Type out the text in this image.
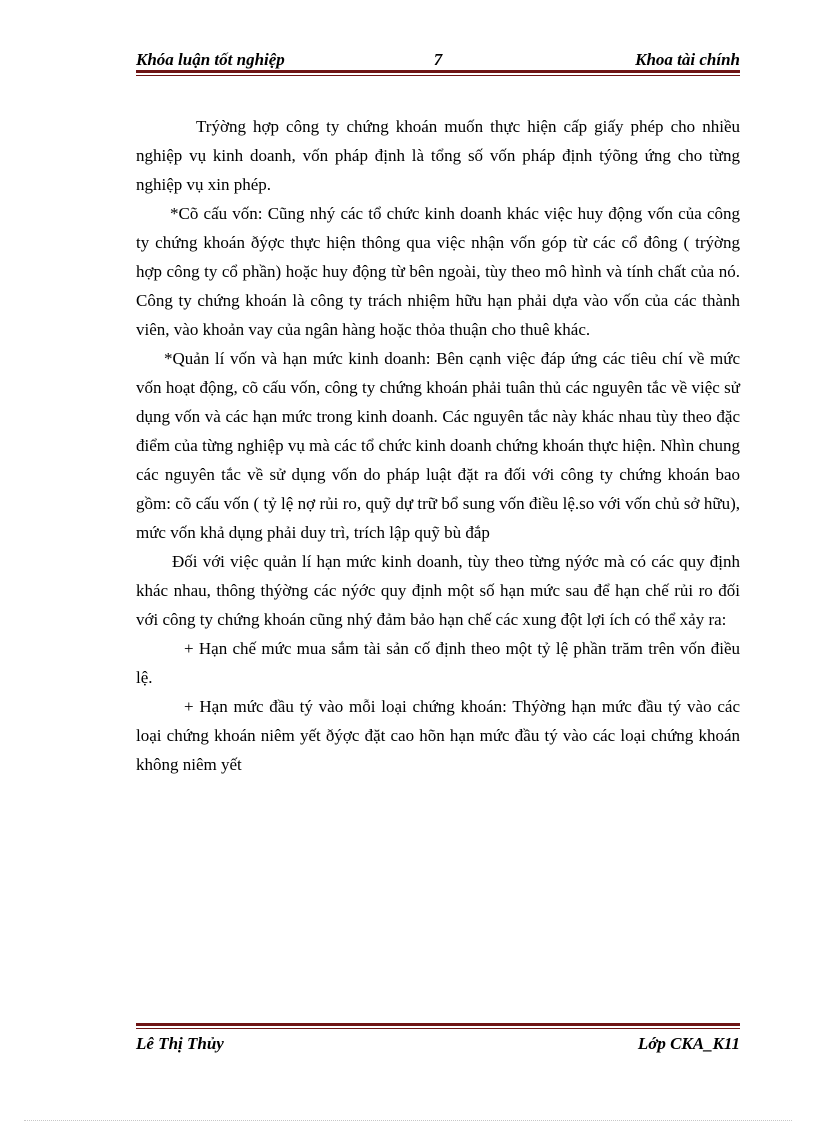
Khóa luận tốt nghiệp	7	Khoa tài chính

Trýờng hợp công ty chứng khoán muốn thực hiện cấp giấy phép cho nhiều nghiệp vụ kinh doanh, vốn pháp định là tổng số vốn pháp định týõng ứng cho từng nghiệp vụ xin phép.

*Cõ cấu vốn: Cũng nhý các tổ chức kinh doanh khác việc huy động vốn của công ty chứng khoán ðýợc thực hiện thông qua việc nhận vốn góp từ các cổ đông ( trýờng hợp công ty cổ phần) hoặc huy động từ bên ngoài, tùy theo mô hình và tính chất của nó. Công ty chứng khoán là công ty trách nhiệm hữu hạn phải dựa vào vốn của các thành viên, vào khoản vay của ngân hàng hoặc thỏa thuận cho thuê khác.

*Quản lí vốn và hạn mức kinh doanh: Bên cạnh việc đáp ứng các tiêu chí về mức vốn hoạt động, cõ cấu vốn, công ty chứng khoán phải tuân thủ các nguyên tắc về việc sử dụng vốn và các hạn mức trong kinh doanh. Các nguyên tắc này khác nhau tùy theo đặc điểm của từng nghiệp vụ mà các tổ chức kinh doanh chứng khoán thực hiện. Nhìn chung các nguyên tắc về sử dụng vốn do pháp luật đặt ra đối với công ty chứng khoán bao gồm: cõ cấu vốn ( tỷ lệ nợ rủi ro, quỹ dự trữ bổ sung vốn điều lệ.so với vốn chủ sở hữu), mức vốn khả dụng phải duy trì, trích lập quỹ bù đắp

Đối với việc quản lí hạn mức kinh doanh, tùy theo từng nýớc mà có các quy định khác nhau, thông thýờng các nýớc quy định một số hạn mức sau để hạn chế rủi ro đối với công ty chứng khoán cũng nhý đảm bảo hạn chế các xung đột lợi ích có thể xảy ra:

+ Hạn chế mức mua sắm tài sản cố định theo một tỷ lệ phần trăm trên vốn điều lệ.

+ Hạn mức đầu tý vào mỗi loại chứng khoán: Thýờng hạn mức đầu tý vào các loại chứng khoán niêm yết ðýợc đặt cao hõn hạn mức đầu tý vào các loại chứng khoán không niêm yết

Lê Thị Thủy	Lớp CKA_K11
